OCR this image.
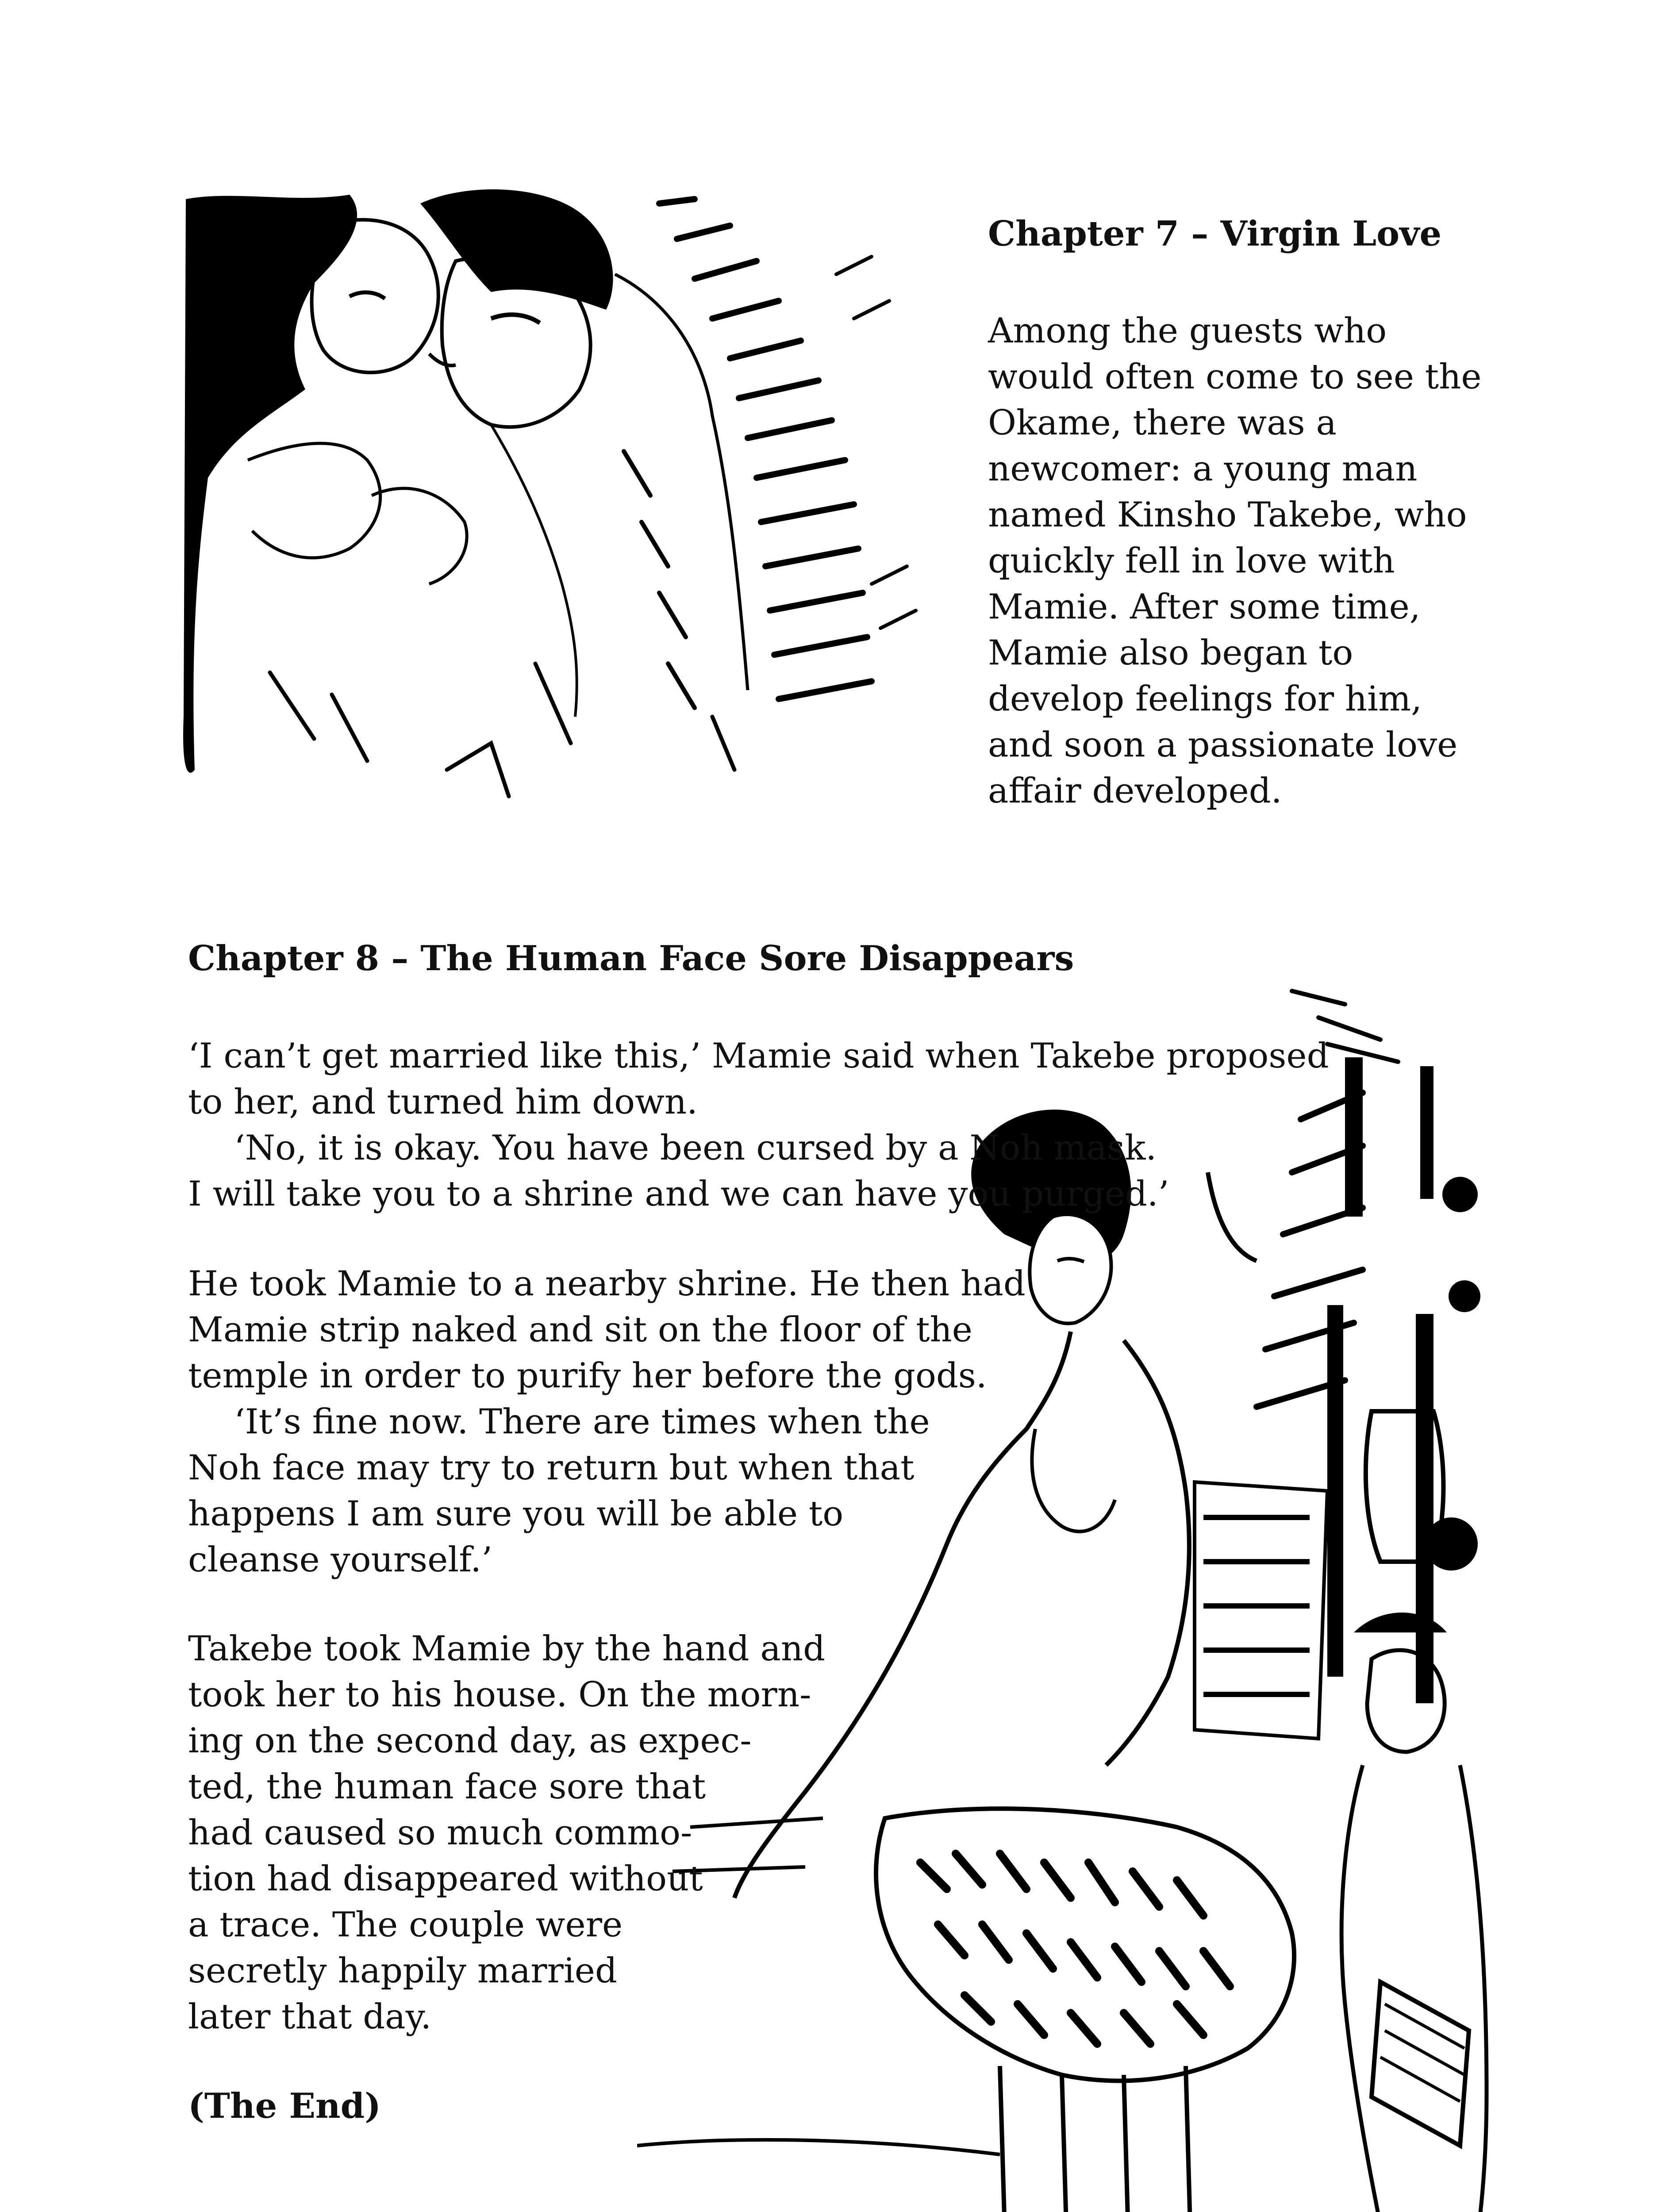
Chapter 7 – Virgin Love
Among the guests who
would often come to see the
Okame, there was a
newcomer: a young man
named Kinsho Takebe, who
quickly fell in love with
Mamie. After some time,
Mamie also began to
develop feelings for him,
and soon a passionate love
affair developed.
Chapter 8 – The Human Face Sore Disappears
‘I can’t get married like this,’ Mamie said when Takebe proposed
to her, and turned him down.
‘No, it is okay. You have been cursed by a Noh mask.
I will take you to a shrine and we can have you purged.’
He took Mamie to a nearby shrine. He then had
Mamie strip naked and sit on the floor of the
temple in order to purify her before the gods.
‘It’s fine now. There are times when the
Noh face may try to return but when that
happens I am sure you will be able to
cleanse yourself.’
Takebe took Mamie by the hand and
took her to his house. On the morn-
ing on the second day, as expec-
ted, the human face sore that
had caused so much commo-
tion had disappeared without
a trace. The couple were
secretly happily married
later that day.

(The End)
